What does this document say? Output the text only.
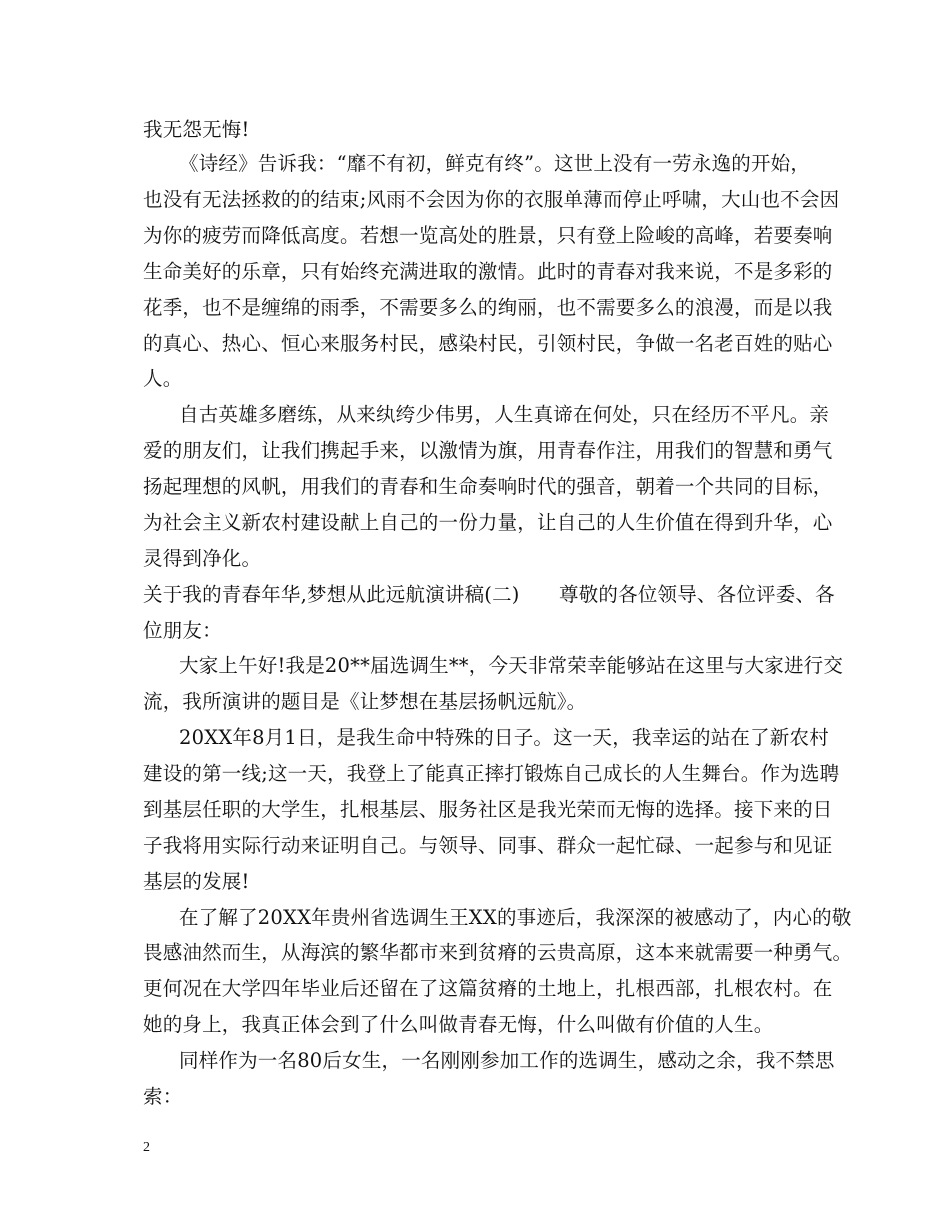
我无怨无悔!
《诗经》告诉我：“靡不有初，鲜克有终”。这世上没有一劳永逸的开始，
也没有无法拯救的的结束;风雨不会因为你的衣服单薄而停止呼啸，大山也不会因
为你的疲劳而降低高度。若想一览高处的胜景，只有登上险峻的高峰，若要奏响
生命美好的乐章，只有始终充满进取的激情。此时的青春对我来说，不是多彩的
花季，也不是缠绵的雨季，不需要多么的绚丽，也不需要多么的浪漫，而是以我
的真心、热心、恒心来服务村民，感染村民，引领村民，争做一名老百姓的贴心
人。
自古英雄多磨练，从来纨绔少伟男，人生真谛在何处，只在经历不平凡。亲
爱的朋友们，让我们携起手来，以激情为旗，用青春作注，用我们的智慧和勇气
扬起理想的风帆，用我们的青春和生命奏响时代的强音，朝着一个共同的目标，
为社会主义新农村建设献上自己的一份力量，让自己的人生价值在得到升华，心
灵得到净化。
关于我的青春年华,梦想从此远航演讲稿(二)　　尊敬的各位领导、各位评委、各
位朋友：
大家上午好!我是20**届选调生**，今天非常荣幸能够站在这里与大家进行交
流，我所演讲的题目是《让梦想在基层扬帆远航》。
20XX年8月1日，是我生命中特殊的日子。这一天，我幸运的站在了新农村
建设的第一线;这一天，我登上了能真正摔打锻炼自己成长的人生舞台。作为选聘
到基层任职的大学生，扎根基层、服务社区是我光荣而无悔的选择。接下来的日
子我将用实际行动来证明自己。与领导、同事、群众一起忙碌、一起参与和见证
基层的发展!
在了解了20XX年贵州省选调生王XX的事迹后，我深深的被感动了，内心的敬
畏感油然而生，从海滨的繁华都市来到贫瘠的云贵高原，这本来就需要一种勇气。
更何况在大学四年毕业后还留在了这篇贫瘠的土地上，扎根西部，扎根农村。在
她的身上，我真正体会到了什么叫做青春无悔，什么叫做有价值的人生。
同样作为一名80后女生，一名刚刚参加工作的选调生，感动之余，我不禁思
索：
2
